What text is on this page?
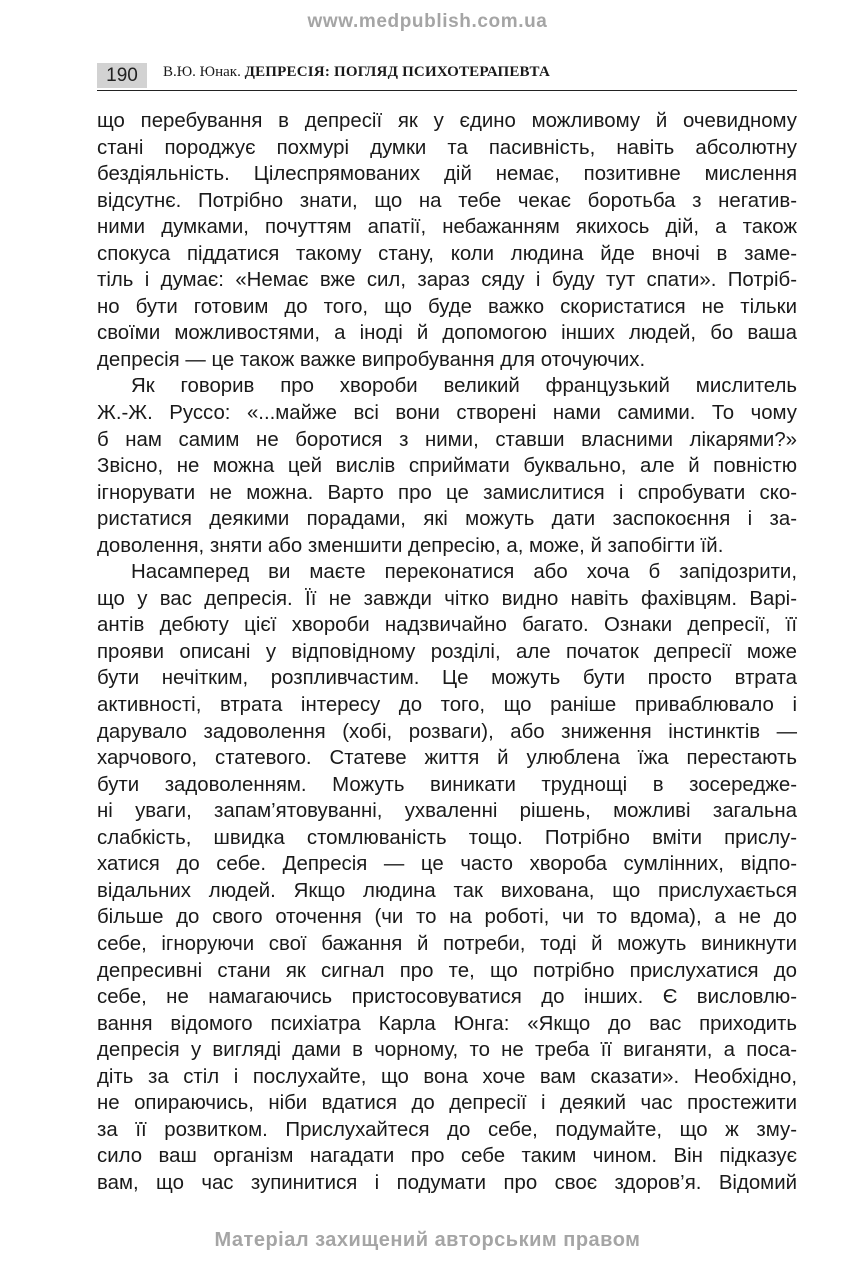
www.medpublish.com.ua
190	В.Ю. Юнак. ДЕПРЕСІЯ: ПОГЛЯД ПСИХОТЕРАПЕВТА

що перебування в депресії як у єдино можливому й очевидному
стані породжує похмурі думки та пасивність, навіть абсолютну
бездіяльність. Цілеспрямованих дій немає, позитивне мислення
відсутнє. Потрібно знати, що на тебе чекає боротьба з негатив-
ними думками, почуттям апатії, небажанням якихось дій, а також
спокуса піддатися такому стану, коли людина йде вночі в заме-
тіль і думає: «Немає вже сил, зараз сяду і буду тут спати». Потріб-
но бути готовим до того, що буде важко скористатися не тільки
своїми можливостями, а іноді й допомогою інших людей, бо ваша
депресія — це також важке випробування для оточуючих.

Як говорив про хвороби великий французький мислитель
Ж.-Ж. Руссо: «...майже всі вони створені нами самими. То чому
б нам самим не боротися з ними, ставши власними лікарями?»
Звісно, не можна цей вислів сприймати буквально, але й повністю
ігнорувати не можна. Варто про це замислитися і спробувати ско-
ристатися деякими порадами, які можуть дати заспокоєння і за-
доволення, зняти або зменшити депресію, а, може, й запобігти їй.

Насамперед ви маєте переконатися або хоча б запідозрити,
що у вас депресія. Її не завжди чітко видно навіть фахівцям. Варі-
антів дебюту цієї хвороби надзвичайно багато. Ознаки депресії, її
прояви описані у відповідному розділі, але початок депресії може
бути нечітким, розпливчастим. Це можуть бути просто втрата
активності, втрата інтересу до того, що раніше приваблювало і
дарувало задоволення (хобі, розваги), або зниження інстинктів —
харчового, статевого. Статеве життя й улюблена їжа перестають
бути задоволенням. Можуть виникати труднощі в зосередже-
ні уваги, запам’ятовуванні, ухваленні рішень, можливі загальна
слабкість, швидка стомлюваність тощо. Потрібно вміти прислу-
хатися до себе. Депресія — це часто хвороба сумлінних, відпо-
відальних людей. Якщо людина так вихована, що прислухається
більше до свого оточення (чи то на роботі, чи то вдома), а не до
себе, ігноруючи свої бажання й потреби, тоді й можуть виникнути
депресивні стани як сигнал про те, що потрібно прислухатися до
себе, не намагаючись пристосовуватися до інших. Є висловлю-
вання відомого психіатра Карла Юнга: «Якщо до вас приходить
депресія у вигляді дами в чорному, то не треба її виганяти, а поса-
діть за стіл і послухайте, що вона хоче вам сказати». Необхідно,
не опираючись, ніби вдатися до депресії і деякий час простежити
за її розвитком. Прислухайтеся до себе, подумайте, що ж зму-
сило ваш організм нагадати про себе таким чином. Він підказує
вам, що час зупинитися і подумати про своє здоров’я. Відомий

Матеріал захищений авторським правом
